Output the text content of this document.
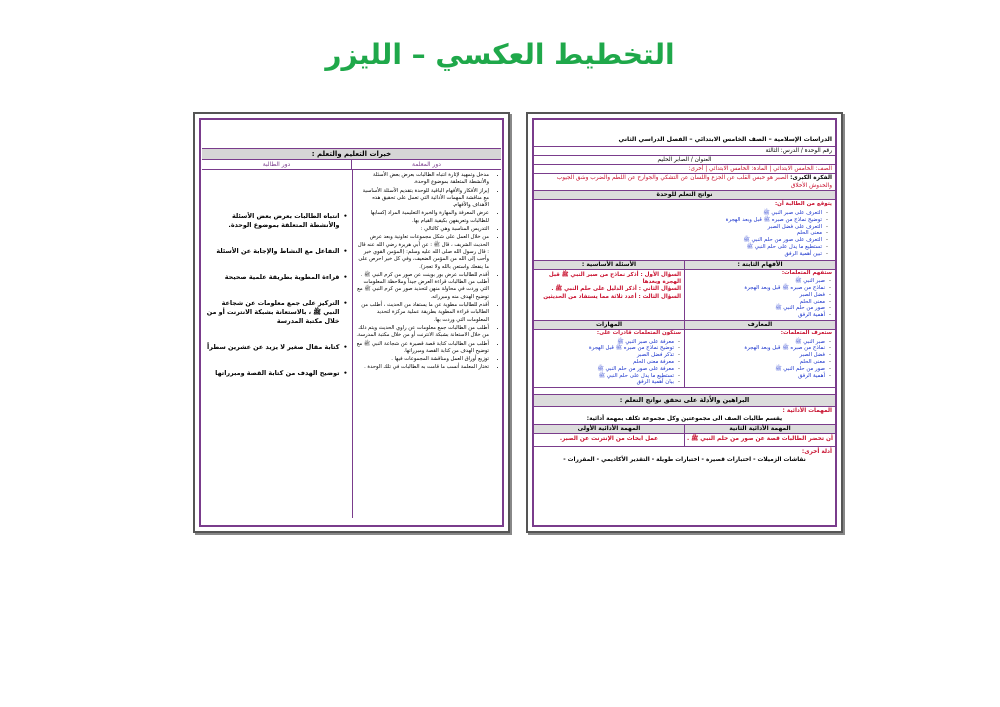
التخطيط العكسي – الليزر
خبرات التعليم والتعلم :
دور المعلمة
دور الطالبة
• مدخل وتمهيد لإثارة انتباه الطالبات بعرض بعض الأسئلة والأنشطة المتعلقة بموضوع الوحدة.
• إبراز الأفكار والأفهام الباقية للوحدة بتقديم الأسئلة الأساسية مع مناقشة المهمات الأدائية التي تعمل على تحقيق هذه الأهداف والأفهام.
• عرض المعرفة والمهارة والخبرة التعليمية المراد إكسابها للطالبات وتعريفهن بكيفية القيام بها.
• التدريس المناسبة وهي كالتالي :
• من خلال العمل على شكل مجموعات تعاونية وبعد عرض الحديث الشريف ، قال ﷺ : عن أبي هريرة رضي الله عنه قال : قال رسول الله صلى الله عليه وسلم: (المؤمن القوي خير وأحب إلى الله من المؤمن الضعيف، وفي كل خير احرص على ما ينفعك واستعن بالله ولا تعجز).
• أقدم للطالبات عرض بور بوينت عن صور من كرم النبي ﷺ . أطلب من الطالبات قراءة العرض جيداً وملاحظة المعلومات التي وردت في محاولة منهن لتحديد صور من كرم النبي ﷺ مع توضيح الهدف منه ومبرراته.
• أقدم للطالبات مطوية عن ما يستفاد من الحديث ، أطلب من الطالبات قراءة المطوية بطريقة عملية مركزة لتحديد المعلومات التي وردت بها.
• أطلب من الطالبات جمع معلومات عن راوي الحديث ويتم ذلك من خلال الاستعانة بشبكة الانترنت أو من خلال مكتبة المدرسة.
• أطلب من الطالبات كتابة قصة قصيرة عن شجاعة النبي ﷺ مع توضيح الهدف من كتابة القصة ومبرراتها.
• توزيع أوراق العمل ومناقشة المجموعات فيها .
• تختار المعلمة أنسب ما قامت به الطالبات في تلك الوحدة .
• انتباه الطالبات بعرض بعض الأسئلة والأنشطة المتعلقة بموضوع الوحدة.
• التفاعل مع النشاط والإجابة عن الأسئلة
• قراءة المطوية بطريقة علمية صحيحة
• التركيز على جمع معلومات عن شجاعة النبي ﷺ ، بالاستعانة بشبكة الانترنت أو من خلال مكتبة المدرسة
• كتابة مقال صغير لا يزيد عن عشرين سطراً
• توضيح الهدف من كتابة القصة ومبرراتها
الدراسات الإسلامية – الصف الخامس الابتدائي – الفصل الدراسي الثاني
رقم الوحدة / الدرس: الثالثة
العنوان / الصابر الحليم
الصف: الخامس الابتدائي | المادة: الخامس الابتدائي | أخرى:
الفكرة الكبرى: الصبر هو حبس القلب عن الجزع واللسان عن التشكي والجوارح عن اللطم والضرب وشق الجيوب والخدوش الأخلاق
نواتج التعلم للوحدة
يتوقع من الطالبة أن:
- التعرف على صبر النبي ﷺ
- توضيح نماذج من صبره ﷺ قبل وبعد الهجرة
- التعرف على فضل الصبر
- معنى الحلم
- التعرف على صور من حلم النبي ﷺ
- تستطيع ما يدل على حلم النبي ﷺ
- تبين أهمية الرفق
الأفهام الثابتة :
ستفهم المتعلمات:
- صبر النبي ﷺ
- نماذج من صبره ﷺ قبل وبعد الهجرة
- فضل الصبر
- معنى الحلم
- صور من حلم النبي ﷺ
- أهمية الرفق
الأسئلة الأساسية :
السؤال الأول : أذكر نماذج من صبر النبي ﷺ قبل الهجرة وبعدها
السؤال الثاني : أذكر الدليل على حلم النبي ﷺ .
السؤال الثالث : أعدد ثلاثة مما يستفاد من الحديثين
المعارف
ستعرف المتعلمات:
- صبر النبي ﷺ
- نماذج من صبره ﷺ قبل وبعد الهجرة
- فضل الصبر
- معنى الحلم
- صور من حلم النبي ﷺ
- أهمية الرفق
المهارات
ستكون المتعلمات قادرات على:
- معرفة على صبر النبي ﷺ
- توضيح نماذج من صبره ﷺ قبل الهجرة
- تذكر فضل الصبر
- معرفة معنى الحلم
- معرفة على صور من حلم النبي ﷺ
- تستطيع ما يدل على حلم النبي ﷺ
- بيان أهمية الرفق
البراهين والأدلة على تحقق نواتج التعلم :
المهمات الأدائية :
يقسم طالبات الصف الى مجموعتين وكل مجموعة تكلف بمهمة أدائية:
المهمة الأدائية الثانية
أن تحضر الطالبات قصة عن صور من حلم النبي ﷺ .
المهمة الأدائية الأولى
عمل ابحاث من الإنترنت عن الصبر.
أدلة أخرى:
نقاشات الزميلات - اختبارات قصيرة - اختبارات طويلة - التقدير الأكاديمي - المقررات -
